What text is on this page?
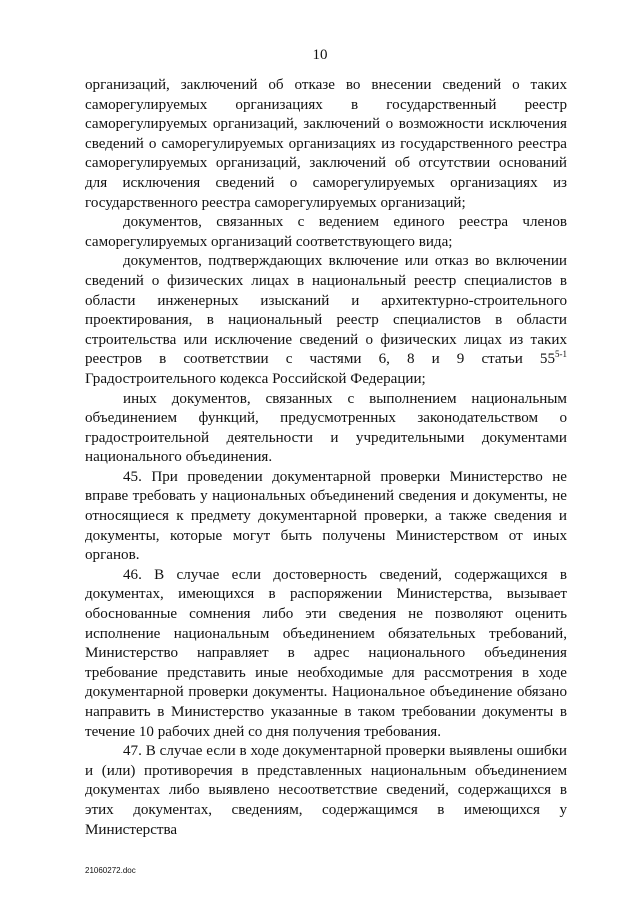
10

организаций, заключений об отказе во внесении сведений о таких саморегулируемых организациях в государственный реестр саморегулируемых организаций, заключений о возможности исключения сведений о саморегулируемых организациях из государственного реестра саморегулируемых организаций, заключений об отсутствии оснований для исключения сведений о саморегулируемых организациях из государственного реестра саморегулируемых организаций;

документов, связанных с ведением единого реестра членов саморегулируемых организаций соответствующего вида;

документов, подтверждающих включение или отказ во включении сведений о физических лицах в национальный реестр специалистов в области инженерных изысканий и архитектурно-строительного проектирования, в национальный реестр специалистов в области строительства или исключение сведений о физических лицах из таких реестров в соответствии с частями 6, 8 и 9 статьи 55$^{5-1}$ Градостроительного кодекса Российской Федерации;

иных документов, связанных с выполнением национальным объединением функций, предусмотренных законодательством о градостроительной деятельности и учредительными документами национального объединения.

45. При проведении документарной проверки Министерство не вправе требовать у национальных объединений сведения и документы, не относящиеся к предмету документарной проверки, а также сведения и документы, которые могут быть получены Министерством от иных органов.

46. В случае если достоверность сведений, содержащихся в документах, имеющихся в распоряжении Министерства, вызывает обоснованные сомнения либо эти сведения не позволяют оценить исполнение национальным объединением обязательных требований, Министерство направляет в адрес национального объединения требование представить иные необходимые для рассмотрения в ходе документарной проверки документы. Национальное объединение обязано направить в Министерство указанные в таком требовании документы в течение 10 рабочих дней со дня получения требования.

47. В случае если в ходе документарной проверки выявлены ошибки и (или) противоречия в представленных национальным объединением документах либо выявлено несоответствие сведений, содержащихся в этих документах, сведениям, содержащимся в имеющихся у Министерства

21060272.doc
